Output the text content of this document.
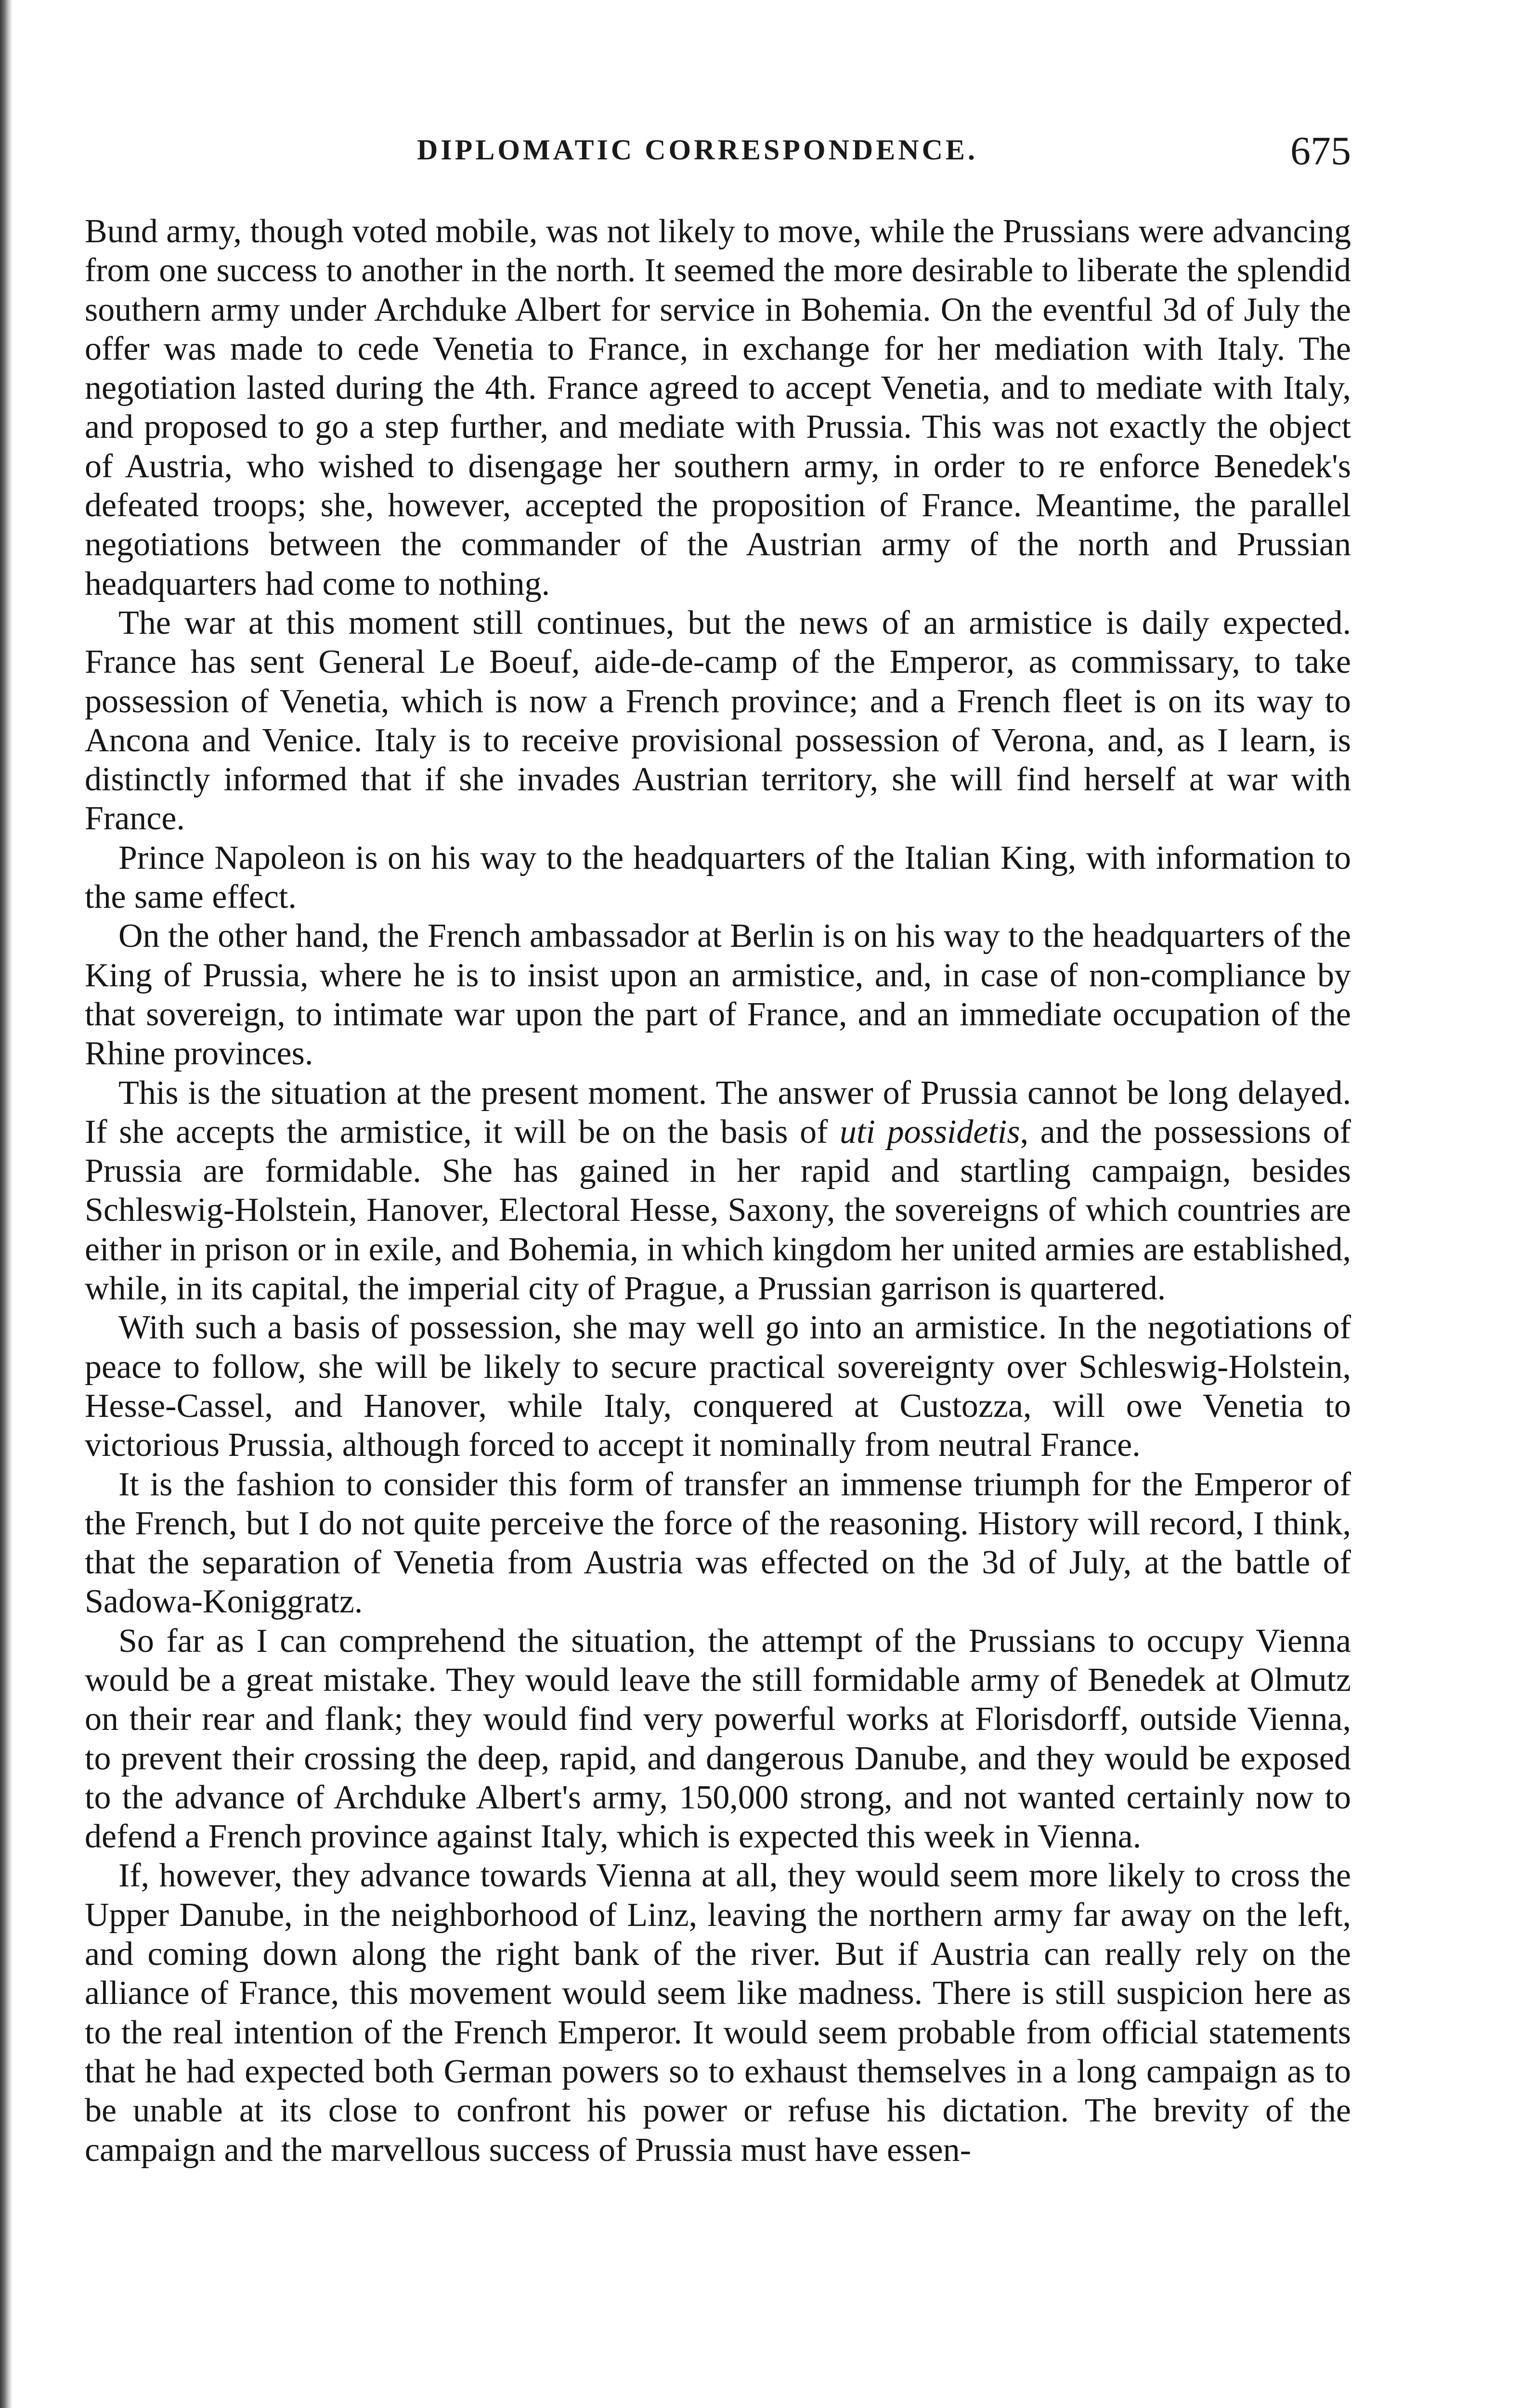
DIPLOMATIC CORRESPONDENCE.	675

Bund army, though voted mobile, was not likely to move, while the Prussians were advancing from one success to another in the north. It seemed the more desirable to liberate the splendid southern army under Archduke Albert for service in Bohemia. On the eventful 3d of July the offer was made to cede Venetia to France, in exchange for her mediation with Italy. The negotiation lasted during the 4th. France agreed to accept Venetia, and to mediate with Italy, and proposed to go a step further, and mediate with Prussia. This was not exactly the object of Austria, who wished to disengage her southern army, in order to re enforce Benedek's defeated troops; she, however, accepted the proposition of France. Meantime, the parallel negotiations between the commander of the Austrian army of the north and Prussian headquarters had come to nothing.

The war at this moment still continues, but the news of an armistice is daily expected. France has sent General Le Boeuf, aide-de-camp of the Emperor, as commissary, to take possession of Venetia, which is now a French province; and a French fleet is on its way to Ancona and Venice. Italy is to receive provisional possession of Verona, and, as I learn, is distinctly informed that if she invades Austrian territory, she will find herself at war with France.

Prince Napoleon is on his way to the headquarters of the Italian King, with information to the same effect.

On the other hand, the French ambassador at Berlin is on his way to the headquarters of the King of Prussia, where he is to insist upon an armistice, and, in case of non-compliance by that sovereign, to intimate war upon the part of France, and an immediate occupation of the Rhine provinces.

This is the situation at the present moment. The answer of Prussia cannot be long delayed. If she accepts the armistice, it will be on the basis of uti possidetis, and the possessions of Prussia are formidable. She has gained in her rapid and startling campaign, besides Schleswig-Holstein, Hanover, Electoral Hesse, Saxony, the sovereigns of which countries are either in prison or in exile, and Bohemia, in which kingdom her united armies are established, while, in its capital, the imperial city of Prague, a Prussian garrison is quartered.

With such a basis of possession, she may well go into an armistice. In the negotiations of peace to follow, she will be likely to secure practical sovereignty over Schleswig-Holstein, Hesse-Cassel, and Hanover, while Italy, conquered at Custozza, will owe Venetia to victorious Prussia, although forced to accept it nominally from neutral France.

It is the fashion to consider this form of transfer an immense triumph for the Emperor of the French, but I do not quite perceive the force of the reasoning. History will record, I think, that the separation of Venetia from Austria was effected on the 3d of July, at the battle of Sadowa-Koniggratz.

So far as I can comprehend the situation, the attempt of the Prussians to occupy Vienna would be a great mistake. They would leave the still formidable army of Benedek at Olmutz on their rear and flank; they would find very powerful works at Florisdorff, outside Vienna, to prevent their crossing the deep, rapid, and dangerous Danube, and they would be exposed to the advance of Archduke Albert's army, 150,000 strong, and not wanted certainly now to defend a French province against Italy, which is expected this week in Vienna.

If, however, they advance towards Vienna at all, they would seem more likely to cross the Upper Danube, in the neighborhood of Linz, leaving the northern army far away on the left, and coming down along the right bank of the river. But if Austria can really rely on the alliance of France, this movement would seem like madness. There is still suspicion here as to the real intention of the French Emperor. It would seem probable from official statements that he had expected both German powers so to exhaust themselves in a long campaign as to be unable at its close to confront his power or refuse his dictation. The brevity of the campaign and the marvellous success of Prussia must have essen-
